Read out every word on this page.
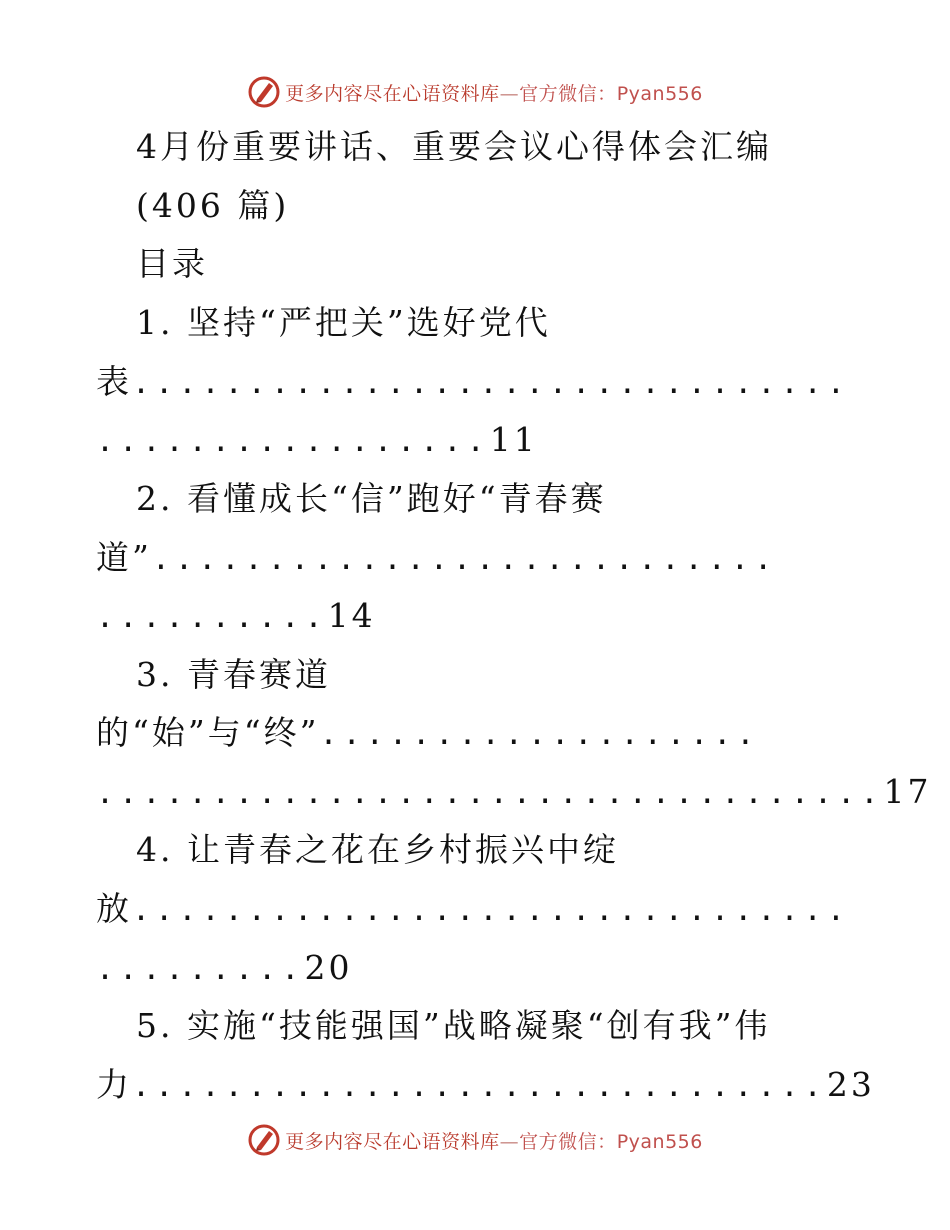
更多内容尽在心语资料库—官方微信：Pyan556
4月份重要讲话、重要会议心得体会汇编
(406 篇)
目录
1. 坚持“严把关”选好党代
表...............................
.................11
2. 看懂成长“信”跑好“青春赛
道”...........................
..........14
3. 青春赛道
的“始”与“终”...................
..................................17
4. 让青春之花在乡村振兴中绽
放...............................
.........20
5. 实施“技能强国”战略凝聚“创有我”伟
力..............................23
更多内容尽在心语资料库—官方微信：Pyan556
